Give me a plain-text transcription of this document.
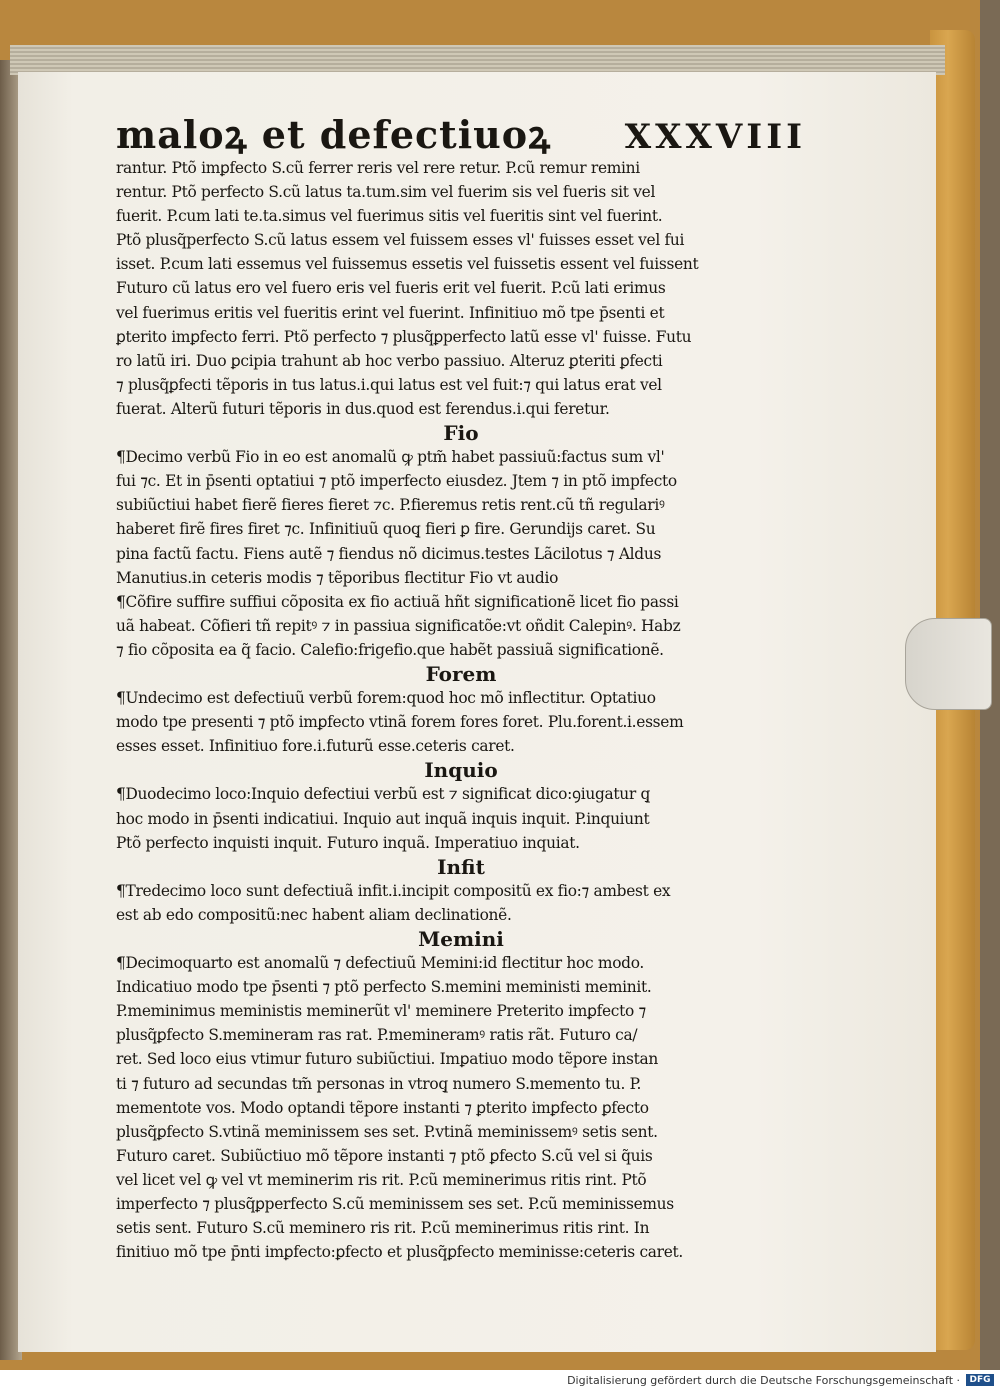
maloꝝ et defectiuoꝝ XXXVIII
rantur. Ptõ imꝑfecto S.cũ ferrer reris vel rere retur. P.cũ remur remini
rentur. Ptõ perfecto S.cũ latus ta.tum.sim vel fuerim sis vel fueris sit vel
fuerit. P.cum lati te.ta.simus vel fuerimus sitis vel fueritis sint vel fuerint.
Ptõ plusq̃perfecto S.cũ latus essem vel fuissem esses vl' fuisses esset vel fui
isset. P.cum lati essemus vel fuissemus essetis vel fuissetis essent vel fuissent
Futuro cũ latus ero vel fuero eris vel fueris erit vel fuerit. P.cũ lati erimus
vel fuerimus eritis vel fueritis erint vel fuerint. Infinitiuo mõ tpe p̄senti et
ꝑterito imꝑfecto ferri. Ptõ perfecto ⁊ plusq̃ꝑperfecto latũ esse vl' fuisse. Futu
ro latũ iri. Duo ꝑcipia trahunt ab hoc verbo passiuo. Alteruz ꝑteriti ꝑfecti
⁊ plusq̃ꝑfecti tẽporis in tus latus.i.qui latus est vel fuit:⁊ qui latus erat vel
fuerat. Alterũ futuri tẽporis in dus.quod est ferendus.i.qui feretur.
Fio
¶Decimo verbũ Fio in eo est anomalũ ꝙ ptm̃ habet passiuũ:factus sum vl'
fui ⁊c. Et in p̄senti optatiui ⁊ ptõ imperfecto eiusdez. Jtem ⁊ in ptõ impfecto
subiũctiui habet fierẽ fieres fieret ⁊c. P.fieremus retis rent.cũ tñ regulariꝰ
haberet firẽ fires firet ⁊c. Infinitiuũ quoq̧ fieri ꝑ fire. Gerundijs caret. Su
pina factũ factu. Fiens autẽ ⁊ fiendus nõ dicimus.testes Lãcilotus ⁊ Aldus
Manutius.in ceteris modis ⁊ tẽporibus flectitur Fio vt audio
¶Cõfire suffire suffiui cõposita ex fio actiuã hñt significationẽ licet fio passi
uã habeat. Cõfieri tñ repitꝰ ⁊ in passiua significatõe:vt oñdit Calepinꝰ. Habz
⁊ fio cõposita ea q̃ facio. Calefio:frigefio.que habẽt passiuã significationẽ.
Forem
¶Undecimo est defectiuũ verbũ forem:quod hoc mõ inflectitur. Optatiuo
modo tpe presenti ⁊ ptõ imꝑfecto vtinã forem fores foret. Plu.forent.i.essem
esses esset. Infinitiuo fore.i.futurũ esse.ceteris caret.
Inquio
¶Duodecimo loco:Inquio defectiui verbũ est ⁊ significat dico:ꝯiugatur q̧
hoc modo in p̄senti indicatiui. Inquio aut inquã inquis inquit. P.inquiunt
Ptõ perfecto inquisti inquit. Futuro inquã. Imperatiuo inquiat.
Infit
¶Tredecimo loco sunt defectiuã infit.i.incipit compositũ ex fio:⁊ ambest ex
est ab edo compositũ:nec habent aliam declinationẽ.
Memini
¶Decimoquarto est anomalũ ⁊ defectiuũ Memini:id flectitur hoc modo.
Indicatiuo modo tpe p̄senti ⁊ ptõ perfecto S.memini meministi meminit.
P.meminimus meministis meminerũt vl' meminere Preterito imꝑfecto ⁊
plusq̃ꝑfecto S.memineram ras rat. P.memineramꝰ ratis rãt. Futuro ca/
ret. Sed loco eius vtimur futuro subiũctiui. Imꝑatiuo modo tẽpore instan
ti ⁊ futuro ad secundas tm̃ personas in vtroq̧ numero S.memento tu. P.
mementote vos. Modo optandi tẽpore instanti ⁊ ꝑterito imꝑfecto ꝑfecto
plusq̃ꝑfecto S.vtinã meminissem ses set. P.vtinã meminissemꝰ setis sent.
Futuro caret. Subiũctiuo mõ tẽpore instanti ⁊ ptõ ꝑfecto S.cũ vel si q̃uis
vel licet vel ꝙ vel vt meminerim ris rit. P.cũ meminerimus ritis rint. Ptõ
imperfecto ⁊ plusq̃ꝑperfecto S.cũ meminissem ses set. P.cũ meminissemus
setis sent. Futuro S.cũ meminero ris rit. P.cũ meminerimus ritis rint. In
finitiuo mõ tpe p̄nti imꝑfecto:ꝑfecto et plusq̃ꝑfecto meminisse:ceteris caret.
Digitalisierung gefördert durch die Deutsche Forschungsgemeinschaft ·	DFG
